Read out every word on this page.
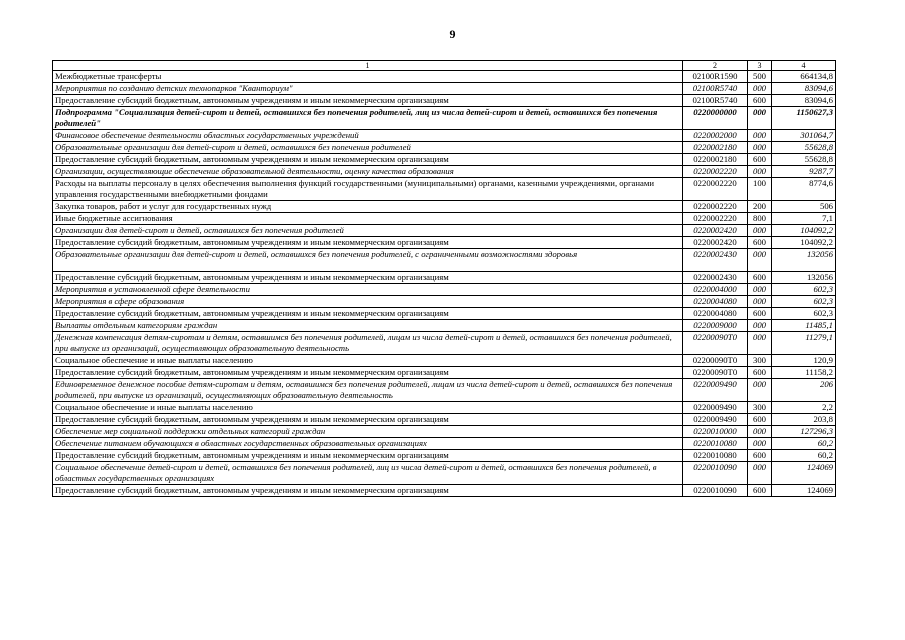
9
1	2	3	4
Межбюджетные трансферты	02100R1590	500	664134,8
Мероприятия по созданию детских технопарков "Кванториум"	02100R5740	000	83094,6
Предоставление субсидий бюджетным, автономным учреждениям и иным некоммерческим организациям	02100R5740	600	83094,6
Подпрограмма "Социализация детей-сирот и детей, оставшихся без попечения родителей, лиц из числа детей-сирот и детей, оставшихся без попечения родителей"	0220000000	000	1150627,3
Финансовое обеспечение деятельности областных государственных учреждений	0220002000	000	301064,7
Образовательные организации для детей-сирот и детей, оставшихся без попечения родителей	0220002180	000	55628,8
Предоставление субсидий бюджетным, автономным учреждениям и иным некоммерческим организациям	0220002180	600	55628,8
Организации, осуществляющие обеспечение образовательной деятельности, оценку качества образования	0220002220	000	9287,7
Расходы на выплаты персоналу в целях обеспечения выполнения функций государственными (муниципальными) органами, казенными учреждениями, органами управления государственными внебюджетными фондами	0220002220	100	8774,6
Закупка товаров, работ и услуг для государственных нужд	0220002220	200	506
Иные бюджетные ассигнования	0220002220	800	7,1
Организации для детей-сирот и детей, оставшихся без попечения родителей	0220002420	000	104092,2
Предоставление субсидий бюджетным, автономным учреждениям и иным некоммерческим организациям	0220002420	600	104092,2
Образовательные организации для детей-сирот и детей, оставшихся без попечения родителей, с ограниченными возможностями здоровья	0220002430	000	132056
Предоставление субсидий бюджетным, автономным учреждениям и иным некоммерческим организациям	0220002430	600	132056
Мероприятия в установленной сфере деятельности	0220004000	000	602,3
Мероприятия в сфере образования	0220004080	000	602,3
Предоставление субсидий бюджетным, автономным учреждениям и иным некоммерческим организациям	0220004080	600	602,3
Выплаты отдельным категориям граждан	0220009000	000	11485,1
Денежная компенсация детям-сиротам и детям, оставшимся без попечения родителей, лицам из числа детей-сирот и детей, оставшихся без попечения родителей, при выпуске из организаций, осуществляющих образовательную деятельность	02200090Т0	000	11279,1
Социальное обеспечение и иные выплаты населению	02200090Т0	300	120,9
Предоставление субсидий бюджетным, автономным учреждениям и иным некоммерческим организациям	02200090Т0	600	11158,2
Единовременное денежное пособие детям-сиротам и детям, оставшимся без попечения родителей, лицам из числа детей-сирот и детей, оставшихся без попечения родителей, при выпуске из организаций, осуществляющих образовательную деятельность	0220009490	000	206
Социальное обеспечение и иные выплаты населению	0220009490	300	2,2
Предоставление субсидий бюджетным, автономным учреждениям и иным некоммерческим организациям	0220009490	600	203,8
Обеспечение мер социальной поддержки отдельных категорий граждан	0220010000	000	127296,3
Обеспечение питанием обучающихся в областных государственных образовательных организациях	0220010080	000	60,2
Предоставление субсидий бюджетным, автономным учреждениям и иным некоммерческим организациям	0220010080	600	60,2
Социальное обеспечение детей-сирот и детей, оставшихся без попечения родителей, лиц из числа детей-сирот и детей, оставшихся без попечения родителей, в областных государственных организациях	0220010090	000	124069
Предоставление субсидий бюджетным, автономным учреждениям и иным некоммерческим организациям	0220010090	600	124069
